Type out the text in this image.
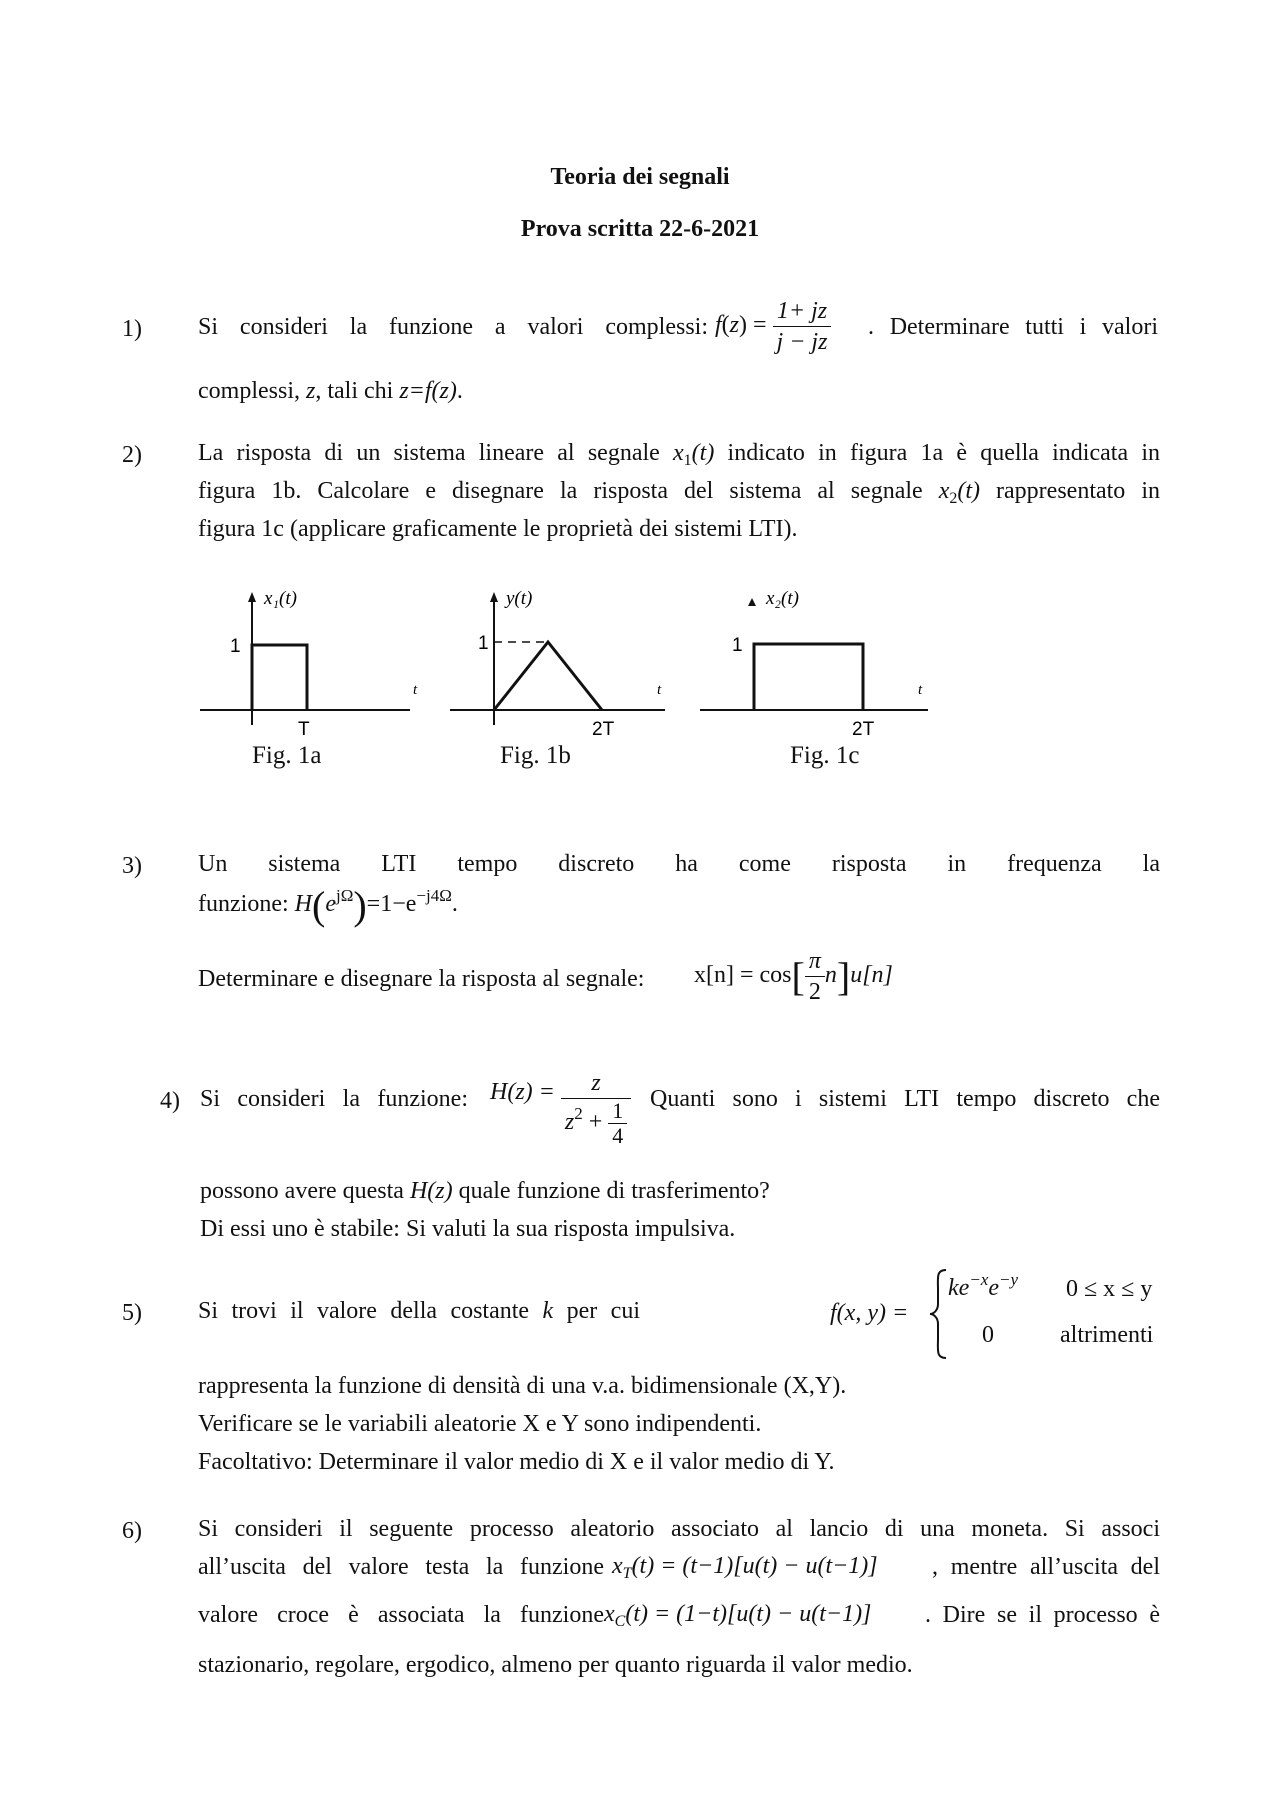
Teoria dei segnali
Prova scritta 22-6-2021
1) Si consideri la funzione a valori complessi: $f(z) = \frac{1+ jz}{j - jz}$ . Determinare tutti i valori
complessi, z, tali chi z=f(z).
2) La risposta di un sistema lineare al segnale $x_1(t)$ indicato in figura 1a è quella indicata in
figura 1b. Calcolare e disegnare la risposta del sistema al segnale $x_2(t)$ rappresentato in
figura 1c (applicare graficamente le proprietà dei sistemi LTI).
x₁(t)
1
T
t
Fig. 1a
y(t)
1
2T
t
Fig. 1b
x₂(t)
1
2T
t
Fig. 1c
3) Un sistema LTI tempo discreto ha come risposta in frequenza la
funzione: $H(e^{j\Omega})=1-e^{-j4\Omega}$.
Determinare e disegnare la risposta al segnale: $x[n] = \cos[ \frac{\pi}{2} n]u[n]$
4) Si consideri la funzione: $H(z) = \frac{z}{z^2 + \frac{1}{4}}$ Quanti sono i sistemi LTI tempo discreto che
possono avere questa H(z) quale funzione di trasferimento?
Di essi uno è stabile: Si valuti la sua risposta impulsiva.
5) Si trovi il valore della costante k per cui	f(x, y) =
$ke^{-x}e^{-y}$ 0 ≤ x ≤ y
0	altrimenti
rappresenta la funzione di densità di una v.a. bidimensionale (X,Y).
Verificare se le variabili aleatorie X e Y sono indipendenti.
Facoltativo: Determinare il valor medio di X e il valor medio di Y.
6) Si consideri il seguente processo aleatorio associato al lancio di una moneta. Si associ
all’uscita del valore testa la funzione $x_T(t) = (t-1)[u(t) - u(t-1)]$ , mentre all’uscita del
valore croce è associata la funzione $x_C(t) = (1-t)[u(t) - u(t-1)]$ . Dire se il processo è
stazionario, regolare, ergodico, almeno per quanto riguarda il valor medio.
